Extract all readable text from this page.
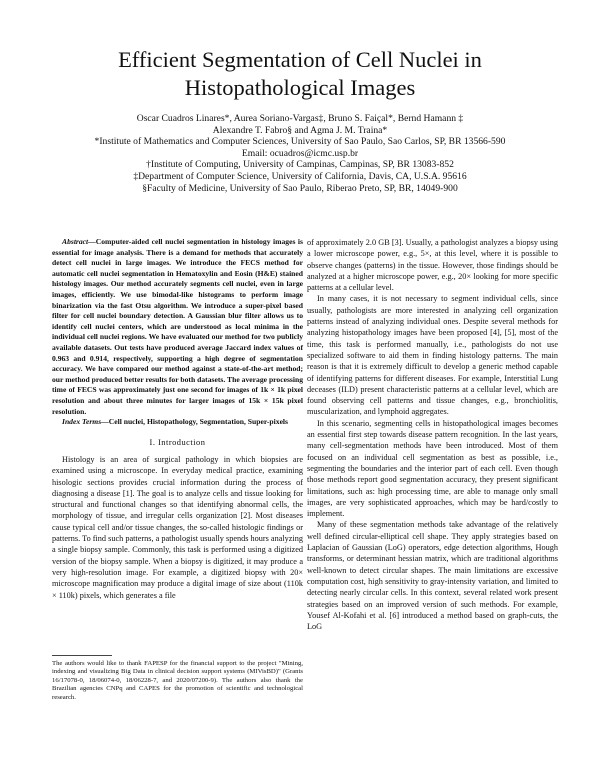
Efficient Segmentation of Cell Nuclei in
Histopathological Images
Oscar Cuadros Linares*, Aurea Soriano-Vargas‡, Bruno S. Faiçal*, Bernd Hamann ‡
Alexandre T. Fabro§ and Agma J. M. Traina*
*Institute of Mathematics and Computer Sciences, University of Sao Paulo, Sao Carlos, SP, BR 13566-590
Email: ocuadros@icmc.usp.br
†Institute of Computing, University of Campinas, Campinas, SP, BR 13083-852
‡Department of Computer Science, University of California, Davis, CA, U.S.A. 95616
§Faculty of Medicine, University of Sao Paulo, Riberao Preto, SP, BR, 14049-900

Abstract—Computer-aided cell nuclei segmentation in histology images is essential for image analysis. There is a demand for methods that accurately detect cell nuclei in large images. We introduce the FECS method for automatic cell nuclei segmentation in Hematoxylin and Eosin (H&E) stained histology images. Our method accurately segments cell nuclei, even in large images, efficiently. We use bimodal-like histograms to perform image binarization via the fast Otsu algorithm. We introduce a super-pixel based filter for cell nuclei boundary detection. A Gaussian blur filter allows us to identify cell nuclei centers, which are understood as local minima in the individual cell nuclei regions. We have evaluated our method for two publicly available datasets. Out tests have produced average Jaccard index values of 0.963 and 0.914, respectively, supporting a high degree of segmentation accuracy. We have compared our method against a state-of-the-art method; our method produced better results for both datasets. The average processing time of FECS was approximately just one second for images of 1k × 1k pixel resolution and about three minutes for larger images of 15k × 15k pixel resolution.

Index Terms—Cell nuclei, Histopathology, Segmentation, Super-pixels

I. Introduction

Histology is an area of surgical pathology in which biopsies are examined using a microscope. In everyday medical practice, examining hisologic sections provides crucial information during the process of diagnosing a disease [1]. The goal is to analyze cells and tissue looking for structural and functional changes so that identifying abnormal cells, the morphology of tissue, and irregular cells organization [2]. Most diseases cause typical cell and/or tissue changes, the so-called histologic findings or patterns. To find such patterns, a pathologist usually spends hours analyzing a single biopsy sample. Commonly, this task is performed using a digitized version of the biopsy sample. When a biopsy is digitized, it may produce a very high-resolution image. For example, a digitized biopsy with 20× microscope magnification may produce a digital image of size about (110k × 110k) pixels, which generates a file

The authors would like to thank FAPESP for the financial support to the project "Mining, indexing and visualizing Big Data in clinical decision support systems (MIVisBD)" (Grants 16/17078-0, 18/06074-0, 18/06228-7, and 2020/07200-9). The authors also thank the Brazilian agencies CNPq and CAPES for the promotion of scientific and technological research.

of approximately 2.0 GB [3]. Usually, a pathologist analyzes a biopsy using a lower microscope power, e.g., 5×, at this level, where it is possible to observe changes (patterns) in the tissue. However, those findings should be analyzed at a higher microscope power, e.g., 20× looking for more specific patterns at a cellular level.

In many cases, it is not necessary to segment individual cells, since usually, pathologists are more interested in analyzing cell organization patterns instead of analyzing individual ones. Despite several methods for analyzing histopathology images have been proposed [4], [5], most of the time, this task is performed manually, i.e., pathologists do not use specialized software to aid them in finding histology patterns. The main reason is that it is extremely difficult to develop a generic method capable of identifying patterns for different diseases. For example, Interstitial Lung deceases (ILD) present characteristic patterns at a cellular level, which are found observing cell patterns and tissue changes, e.g., bronchiolitis, muscularization, and lymphoid aggregates.

In this scenario, segmenting cells in histopathological images becomes an essential first step towards disease pattern recognition. In the last years, many cell-segmentation methods have been introduced. Most of them focused on an individual cell segmentation as best as possible, i.e., segmenting the boundaries and the interior part of each cell. Even though those methods report good segmentation accuracy, they present significant limitations, such as: high processing time, are able to manage only small images, are very sophisticated approaches, which may be hard/costly to implement.

Many of these segmentation methods take advantage of the relatively well defined circular-elliptical cell shape. They apply strategies based on Laplacian of Gaussian (LoG) operators, edge detection algorithms, Hough transforms, or determinant hessian matrix, which are traditional algorithms well-known to detect circular shapes. The main limitations are excessive computation cost, high sensitivity to gray-intensity variation, and limited to detecting nearly circular cells. In this context, several related work present strategies based on an improved version of such methods. For example, Yousef Al-Kofahi et al. [6] introduced a method based on graph-cuts, the LoG
